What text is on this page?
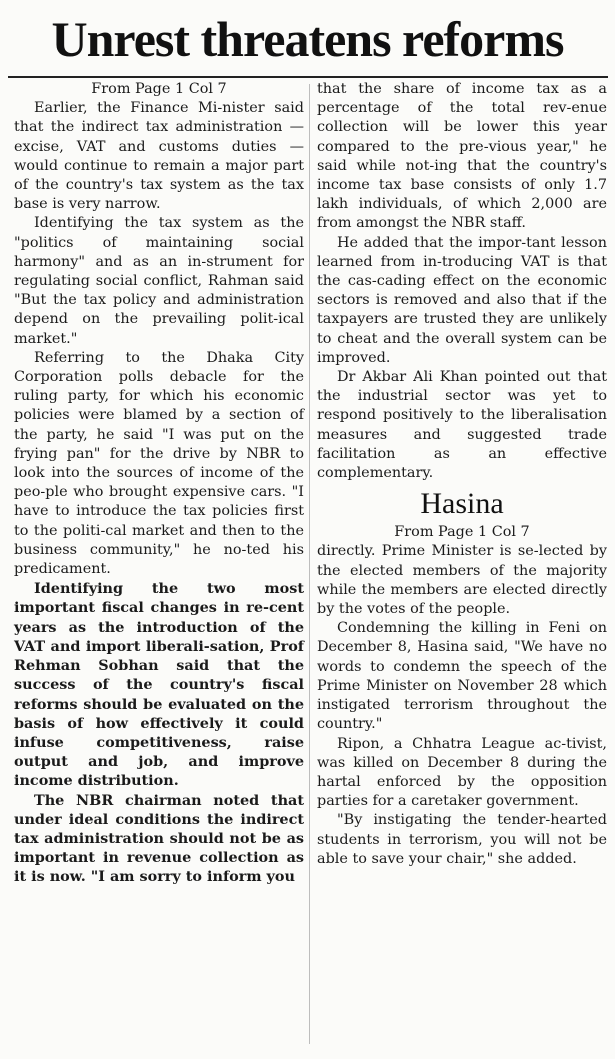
Unrest threatens reforms

From Page 1 Col 7

Earlier, the Finance Mi-nister said that the indirect tax administration — excise, VAT and customs duties — would continue to remain a major part of the country's tax system as the tax base is very narrow.

Identifying the tax system as the "politics of maintaining social harmony" and as an in-strument for regulating social conflict, Rahman said "But the tax policy and administration depend on the prevailing polit-ical market."

Referring to the Dhaka City Corporation polls debacle for the ruling party, for which his economic policies were blamed by a section of the party, he said "I was put on the frying pan" for the drive by NBR to look into the sources of income of the peo-ple who brought expensive cars. "I have to introduce the tax policies first to the politi-cal market and then to the business community," he no-ted his predicament.

Identifying the two most important fiscal changes in re-cent years as the introduction of the VAT and import liberali-sation, Prof Rehman Sobhan said that the success of the country's fiscal reforms should be evaluated on the basis of how effectively it could infuse competitiveness, raise output and job, and improve income distribution.

The NBR chairman noted that under ideal conditions the indirect tax administration should not be as important in revenue collection as it is now. "I am sorry to inform you

that the share of income tax as a percentage of the total rev-enue collection will be lower this year compared to the pre-vious year," he said while not-ing that the country's income tax base consists of only 1.7 lakh individuals, of which 2,000 are from amongst the NBR staff.

He added that the impor-tant lesson learned from in-troducing VAT is that the cas-cading effect on the economic sectors is removed and also that if the taxpayers are trusted they are unlikely to cheat and the overall system can be improved.

Dr Akbar Ali Khan pointed out that the industrial sector was yet to respond positively to the liberalisation measures and suggested trade facilitation as an effective complementary.

Hasina

From Page 1 Col 7

directly. Prime Minister is se-lected by the elected members of the majority while the members are elected directly by the votes of the people.

Condemning the killing in Feni on December 8, Hasina said, "We have no words to condemn the speech of the Prime Minister on November 28 which instigated terrorism throughout the country."

Ripon, a Chhatra League ac-tivist, was killed on December 8 during the hartal enforced by the opposition parties for a caretaker government.

"By instigating the tender-hearted students in terrorism, you will not be able to save your chair," she added.
